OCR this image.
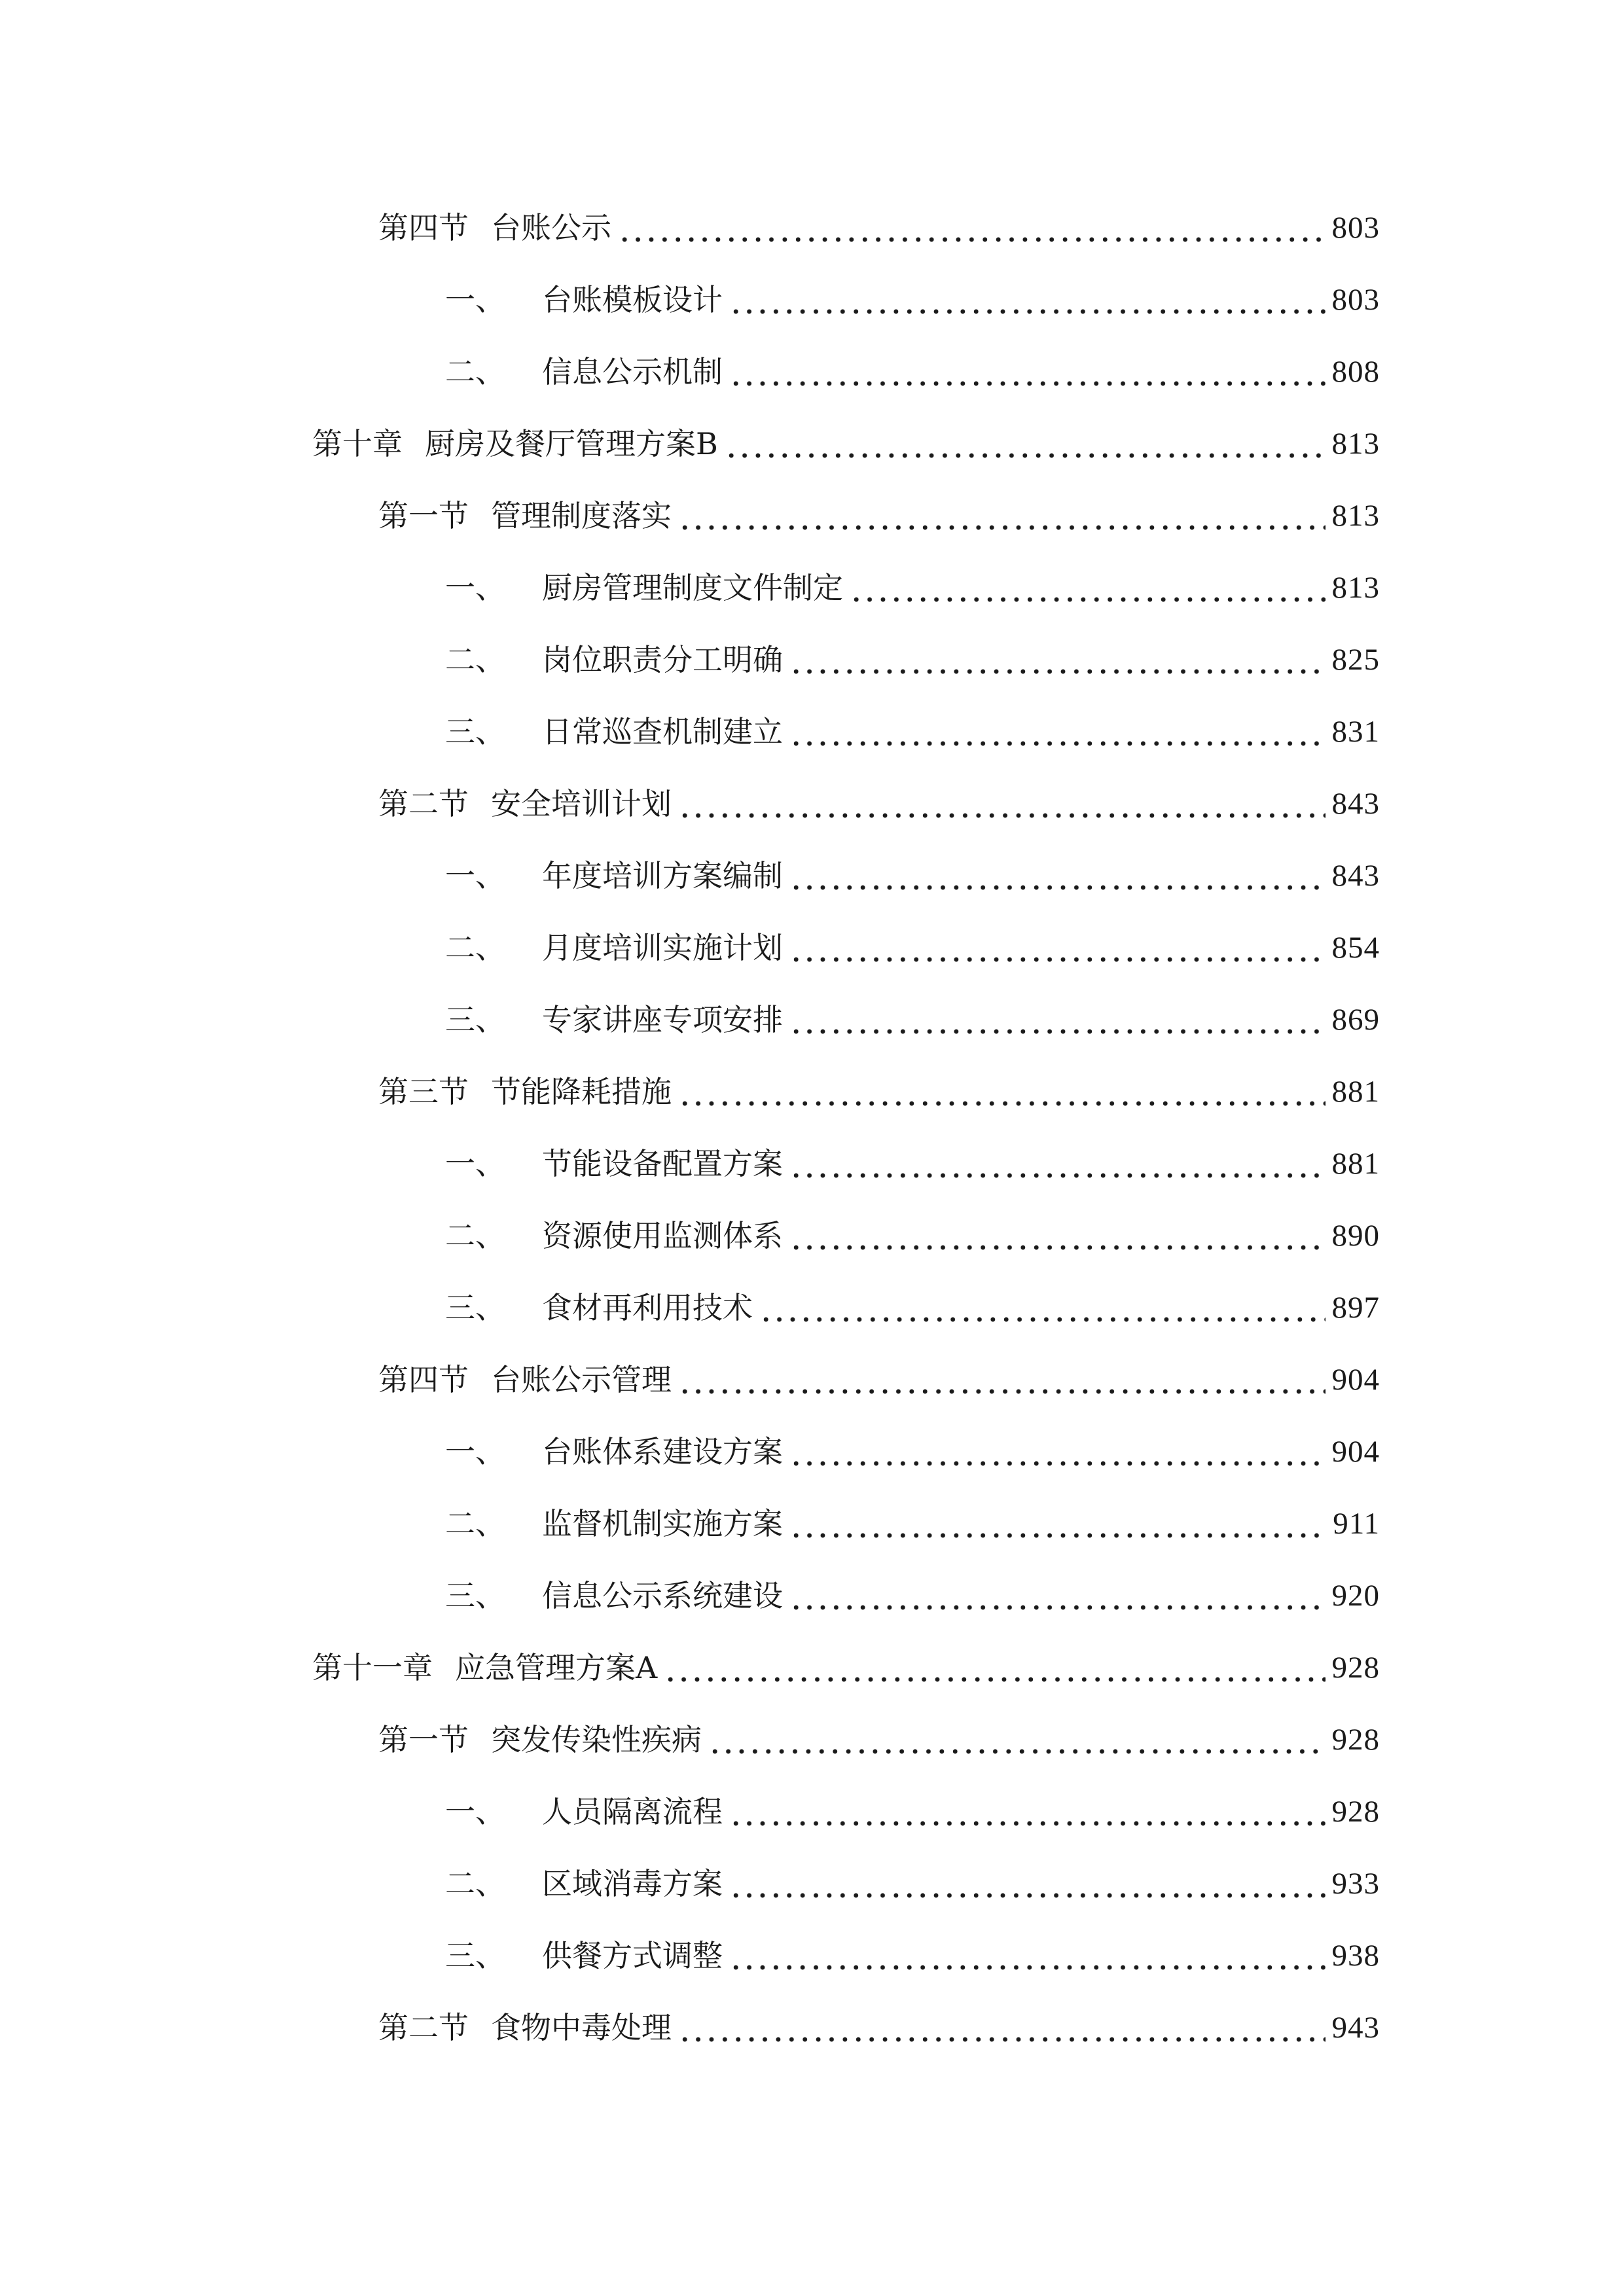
第四节 台账公示	803
一、 台账模板设计	803
二、 信息公示机制	808
第十章 厨房及餐厅管理方案B	813
第一节 管理制度落实	813
一、 厨房管理制度文件制定	813
二、 岗位职责分工明确	825
三、 日常巡查机制建立	831
第二节 安全培训计划	843
一、 年度培训方案编制	843
二、 月度培训实施计划	854
三、 专家讲座专项安排	869
第三节 节能降耗措施	881
一、 节能设备配置方案	881
二、 资源使用监测体系	890
三、 食材再利用技术	897
第四节 台账公示管理	904
一、 台账体系建设方案	904
二、 监督机制实施方案	911
三、 信息公示系统建设	920
第十一章 应急管理方案A	928
第一节 突发传染性疾病	928
一、 人员隔离流程	928
二、 区域消毒方案	933
三、 供餐方式调整	938
第二节 食物中毒处理	943
